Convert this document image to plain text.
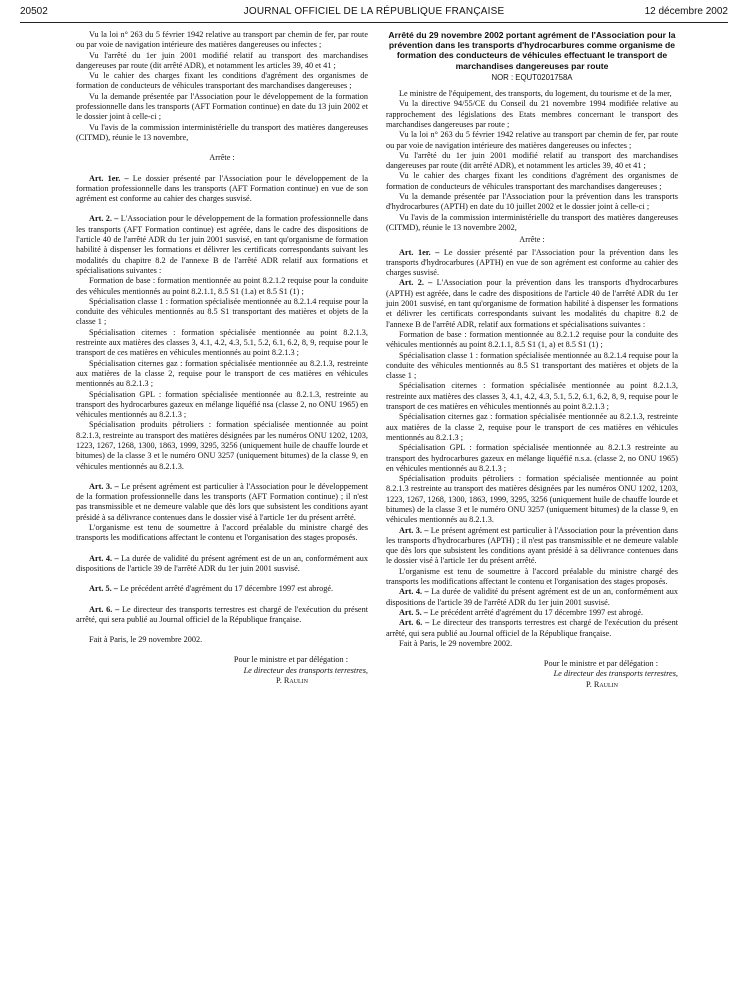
20502	JOURNAL OFFICIEL DE LA RÉPUBLIQUE FRANÇAISE	12 décembre 2002

Vu la loi n° 263 du 5 février 1942 relative au transport par chemin de fer, par route ou par voie de navigation intérieure des matières dangereuses ou infectes ;

Vu l'arrêté du 1er juin 2001 modifié relatif au transport des marchandises dangereuses par route (dit arrêté ADR), et notamment les articles 39, 40 et 41 ;

Vu le cahier des charges fixant les conditions d'agrément des organismes de formation de conducteurs de véhicules transportant des marchandises dangereuses ;

Vu la demande présentée par l'Association pour le développement de la formation professionnelle dans les transports (AFT Formation continue) en date du 13 juin 2002 et le dossier joint à celle-ci ;

Vu l'avis de la commission interministérielle du transport des matières dangereuses (CITMD), réunie le 13 novembre,

Arrête :

Art. 1er. – Le dossier présenté par l'Association pour le développement de la formation professionnelle dans les transports (AFT Formation continue) en vue de son agrément est conforme au cahier des charges susvisé.

Art. 2. – L'Association pour le développement de la formation professionnelle dans les transports (AFT Formation continue) est agréée, dans le cadre des dispositions de l'article 40 de l'arrêté ADR du 1er juin 2001 susvisé, en tant qu'organisme de formation habilité à dispenser les formations et délivrer les certificats correspondants suivant les modalités du chapitre 8.2 de l'annexe B de l'arrêté ADR relatif aux formations et spécialisations suivantes :

Formation de base : formation mentionnée au point 8.2.1.2 requise pour la conduite des véhicules mentionnés au point 8.2.1.1, 8.5 S1 (1.a) et 8.5 S1 (1) ;

Spécialisation classe 1 : formation spécialisée mentionnée au 8.2.1.4 requise pour la conduite des véhicules mentionnés au 8.5 S1 transportant des matières et objets de la classe 1 ;

Spécialisation citernes : formation spécialisée mentionnée au point 8.2.1.3, restreinte aux matières des classes 3, 4.1, 4.2, 4.3, 5.1, 5.2, 6.1, 6.2, 8, 9, requise pour le transport de ces matières en véhicules mentionnés au point 8.2.1.3 ;

Spécialisation citernes gaz : formation spécialisée mentionnée au 8.2.1.3, restreinte aux matières de la classe 2, requise pour le transport de ces matières en véhicules mentionnés au 8.2.1.3 ;

Spécialisation GPL : formation spécialisée mentionnée au 8.2.1.3, restreinte au transport des hydrocarbures gazeux en mélange liquéfié nsa (classe 2, no ONU 1965) en véhicules mentionnés au 8.2.1.3 ;

Spécialisation produits pétroliers : formation spécialisée mentionnée au point 8.2.1.3, restreinte au transport des matières désignées par les numéros ONU 1202, 1203, 1223, 1267, 1268, 1300, 1863, 1999, 3295, 3256 (uniquement huile de chauffe lourde et bitumes) de la classe 3 et le numéro ONU 3257 (uniquement bitumes) de la classe 9, en véhicules mentionnés au 8.2.1.3.

Art. 3. – Le présent agrément est particulier à l'Association pour le développement de la formation professionnelle dans les transports (AFT Formation continue) ; il n'est pas transmissible et ne demeure valable que dès lors que subsistent les conditions ayant présidé à sa délivrance contenues dans le dossier visé à l'article 1er du présent arrêté.

L'organisme est tenu de soumettre à l'accord préalable du ministre chargé des transports les modifications affectant le contenu et l'organisation des stages proposés.

Art. 4. – La durée de validité du présent agrément est de un an, conformément aux dispositions de l'article 39 de l'arrêté ADR du 1er juin 2001 susvisé.

Art. 5. – Le précédent arrêté d'agrément du 17 décembre 1997 est abrogé.

Art. 6. – Le directeur des transports terrestres est chargé de l'exécution du présent arrêté, qui sera publié au Journal officiel de la République française.

Fait à Paris, le 29 novembre 2002.

Pour le ministre et par délégation :

Le directeur des transports terrestres,

P. Raulin

Arrêté du 29 novembre 2002 portant agrément de l'Association pour la prévention dans les transports d'hydrocarbures comme organisme de formation des conducteurs de véhicules effectuant le transport de marchandises dangereuses par route
NOR : EQUT0201758A

Le ministre de l'équipement, des transports, du logement, du tourisme et de la mer,

Vu la directive 94/55/CE du Conseil du 21 novembre 1994 modifiée relative au rapprochement des législations des Etats membres concernant le transport des marchandises dangereuses par route ;

Vu la loi n° 263 du 5 février 1942 relative au transport par chemin de fer, par route ou par voie de navigation intérieure des matières dangereuses ou infectes ;

Vu l'arrêté du 1er juin 2001 modifié relatif au transport des marchandises dangereuses par route (dit arrêté ADR), et notamment les articles 39, 40 et 41 ;

Vu le cahier des charges fixant les conditions d'agrément des organismes de formation de conducteurs de véhicules transportant des marchandises dangereuses ;

Vu la demande présentée par l'Association pour la prévention dans les transports d'hydrocarbures (APTH) en date du 10 juillet 2002 et le dossier joint à celle-ci ;

Vu l'avis de la commission interministérielle du transport des matières dangereuses (CITMD), réunie le 13 novembre 2002,

Arrête :

Art. 1er. – Le dossier présenté par l'Association pour la prévention dans les transports d'hydrocarbures (APTH) en vue de son agrément est conforme au cahier des charges susvisé.

Art. 2. – L'Association pour la prévention dans les transports d'hydrocarbures (APTH) est agréée, dans le cadre des dispositions de l'article 40 de l'arrêté ADR du 1er juin 2001 susvisé, en tant qu'organisme de formation habilité à dispenser les formations et délivrer les certificats correspondants suivant les modalités du chapitre 8.2 de l'annexe B de l'arrêté ADR, relatif aux formations et spécialisations suivantes :

Formation de base : formation mentionnée au 8.2.1.2 requise pour la conduite des véhicules mentionnés au point 8.2.1.1, 8.5 S1 (1, a) et 8.5 S1 (1) ;

Spécialisation classe 1 : formation spécialisée mentionnée au 8.2.1.4 requise pour la conduite des véhicules mentionnés au 8.5 S1 transportant des matières et objets de la classe 1 ;

Spécialisation citernes : formation spécialisée mentionnée au point 8.2.1.3, restreinte aux matières des classes 3, 4.1, 4.2, 4.3, 5.1, 5.2, 6.1, 6.2, 8, 9, requise pour le transport de ces matières en véhicules mentionnés au point 8.2.1.3 ;

Spécialisation citernes gaz : formation spécialisée mentionnée au 8.2.1.3, restreinte aux matières de la classe 2, requise pour le transport de ces matières en véhicules mentionnés au 8.2.1.3 ;

Spécialisation GPL : formation spécialisée mentionnée au 8.2.1.3 restreinte au transport des hydrocarbures gazeux en mélange liquéfié n.s.a. (classe 2, no ONU 1965) en véhicules mentionnés au 8.2.1.3 ;

Spécialisation produits pétroliers : formation spécialisée mentionnée au point 8.2.1.3 restreinte au transport des matières désignées par les numéros ONU 1202, 1203, 1223, 1267, 1268, 1300, 1863, 1999, 3295, 3256 (uniquement huile de chauffe lourde et bitumes) de la classe 3 et le numéro ONU 3257 (uniquement bitumes) de la classe 9, en véhicules mentionnés au 8.2.1.3.

Art. 3. – Le présent agrément est particulier à l'Association pour la prévention dans les transports d'hydrocarbures (APTH) ; il n'est pas transmissible et ne demeure valable que dès lors que subsistent les conditions ayant présidé à sa délivrance contenues dans le dossier visé à l'article 1er du présent arrêté.

L'organisme est tenu de soumettre à l'accord préalable du ministre chargé des transports les modifications affectant le contenu et l'organisation des stages proposés.

Art. 4. – La durée de validité du présent agrément est de un an, conformément aux dispositions de l'article 39 de l'arrêté ADR du 1er juin 2001 susvisé.

Art. 5. – Le précédent arrêté d'agrément du 17 décembre 1997 est abrogé.

Art. 6. – Le directeur des transports terrestres est chargé de l'exécution du présent arrêté, qui sera publié au Journal officiel de la République française.

Fait à Paris, le 29 novembre 2002.

Pour le ministre et par délégation :

Le directeur des transports terrestres,

P. Raulin
